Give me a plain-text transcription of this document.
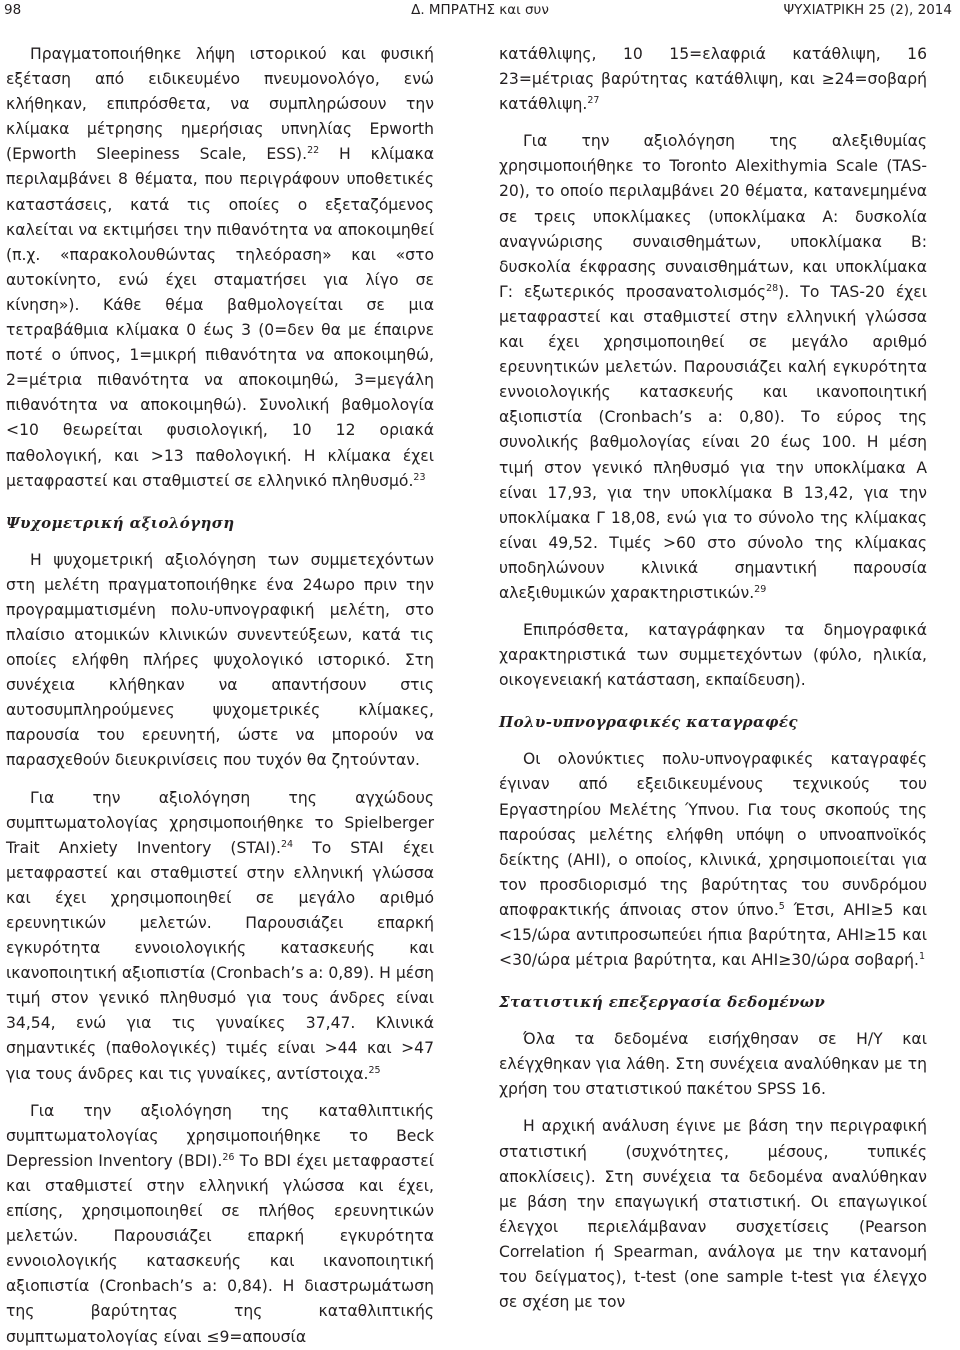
98	Δ. ΜΠΡΑΤΗΣ και συν	ΨΥΧΙΑΤΡΙΚΗ 25 (2), 2014

Πραγματοποιήθηκε λήψη ιστορικού και φυσική εξέταση από ειδικευμένο πνευμονολόγο, ενώ κλήθηκαν, επιπρόσθετα, να συμπληρώσουν την κλίμακα μέτρησης ημερήσιας υπνηλίας Epworth (Epworth Sleepiness Scale, ESS).$^{22}$ Η κλίμακα περιλαμβάνει 8 θέματα, που περιγράφουν υποθετικές καταστάσεις, κατά τις οποίες ο εξεταζόμενος καλείται να εκτιμήσει την πιθανότητα να αποκοιμηθεί (π.χ. «παρακολουθώντας τηλεόραση» και «στο αυτοκίνητο, ενώ έχει σταματήσει για λίγο σε κίνηση»). Κάθε θέμα βαθμολογείται σε μια τετραβάθμια κλίμακα 0 έως 3 (0=δεν θα με έπαιρνε ποτέ ο ύπνος, 1=μικρή πιθανότητα να αποκοιμηθώ, 2=μέτρια πιθανότητα να αποκοιμηθώ, 3=μεγάλη πιθανότητα να αποκοιμηθώ). Συνολική βαθμολογία <10 θεωρείται φυσιολογική, 10 12 οριακά παθολογική, και >13 παθολογική. Η κλίμακα έχει μεταφραστεί και σταθμιστεί σε ελληνικό πληθυσμό.$^{23}$

Ψυχομετρική αξιολόγηση

Η ψυχομετρική αξιολόγηση των συμμετεχόντων στη μελέτη πραγματοποιήθηκε ένα 24ωρο πριν την προγραμματισμένη πολυ-υπνογραφική μελέτη, στο πλαίσιο ατομικών κλινικών συνεντεύξεων, κατά τις οποίες ελήφθη πλήρες ψυχολογικό ιστορικό. Στη συνέχεια κλήθηκαν να απαντήσουν στις αυτοσυμπληρούμενες ψυχομετρικές κλίμακες, παρουσία του ερευνητή, ώστε να μπορούν να παρασχεθούν διευκρινίσεις που τυχόν θα ζητούνταν.

Για την αξιολόγηση της αγχώδους συμπτωματολογίας χρησιμοποιήθηκε το Spielberger Trait Anxiety Inventory (STAI).$^{24}$ Το STAI έχει μεταφραστεί και σταθμιστεί στην ελληνική γλώσσα και έχει χρησιμοποιηθεί σε μεγάλο αριθμό ερευνητικών μελετών. Παρουσιάζει επαρκή εγκυρότητα εννοιολογικής κατασκευής και ικανοποιητική αξιοπιστία (Cronbach’s a: 0,89). Η μέση τιμή στον γενικό πληθυσμό για τους άνδρες είναι 34,54, ενώ για τις γυναίκες 37,47. Κλινικά σημαντικές (παθολογικές) τιμές είναι >44 και >47 για τους άνδρες και τις γυναίκες, αντίστοιχα.$^{25}$

Για την αξιολόγηση της καταθλιπτικής συμπτωματολογίας χρησιμοποιήθηκε το Beck Depression Inventory (BDI).$^{26}$ Το BDI έχει μεταφραστεί και σταθμιστεί στην ελληνική γλώσσα και έχει, επίσης, χρησιμοποιηθεί σε πλήθος ερευνητικών μελετών. Παρουσιάζει επαρκή εγκυρότητα εννοιολογικής κατασκευής και ικανοποιητική αξιοπιστία (Cronbach’s a: 0,84). Η διαστρωμάτωση της βαρύτητας της καταθλιπτικής συμπτωματολογίας είναι ≤9=απουσία

κατάθλιψης, 10 15=ελαφριά κατάθλιψη, 16 23=μέτριας βαρύτητας κατάθλιψη, και ≥24=σοβαρή κατάθλιψη.$^{27}$

Για την αξιολόγηση της αλεξιθυμίας χρησιμοποιήθηκε το Toronto Alexithymia Scale (TAS-20), το οποίο περιλαμβάνει 20 θέματα, κατανεμημένα σε τρεις υποκλίμακες (υποκλίμακα Α: δυσκολία αναγνώρισης συναισθημάτων, υποκλίμακα Β: δυσκολία έκφρασης συναισθημάτων, και υποκλίμακα Γ: εξωτερικός προσανατολισμός$^{28}$). Το TAS-20 έχει μεταφραστεί και σταθμιστεί στην ελληνική γλώσσα και έχει χρησιμοποιηθεί σε μεγάλο αριθμό ερευνητικών μελετών. Παρουσιάζει καλή εγκυρότητα εννοιολογικής κατασκευής και ικανοποιητική αξιοπιστία (Cronbach’s a: 0,80). Το εύρος της συνολικής βαθμολογίας είναι 20 έως 100. Η μέση τιμή στον γενικό πληθυσμό για την υποκλίμακα Α είναι 17,93, για την υποκλίμακα Β 13,42, για την υποκλίμακα Γ 18,08, ενώ για το σύνολο της κλίμακας είναι 49,52. Τιμές >60 στο σύνολο της κλίμακας υποδηλώνουν κλινικά σημαντική παρουσία αλεξιθυμικών χαρακτηριστικών.$^{29}$

Επιπρόσθετα, καταγράφηκαν τα δημογραφικά χαρακτηριστικά των συμμετεχόντων (φύλο, ηλικία, οικογενειακή κατάσταση, εκπαίδευση).

Πολυ-υπνογραφικές καταγραφές

Οι ολονύκτιες πολυ-υπνογραφικές καταγραφές έγιναν από εξειδικευμένους τεχνικούς του Εργαστηρίου Μελέτης Ύπνου. Για τους σκοπούς της παρούσας μελέτης ελήφθη υπόψη ο υπνοαπνοϊκός δείκτης (AHI), ο οποίος, κλινικά, χρησιμοποιείται για τον προσδιορισμό της βαρύτητας του συνδρόμου αποφρακτικής άπνοιας στον ύπνο.$^5$ Έτσι, AHI≥5 και <15/ώρα αντιπροσωπεύει ήπια βαρύτητα, AHI≥15 και <30/ώρα μέτρια βαρύτητα, και AHI≥30/ώρα σοβαρή.$^1$

Στατιστική επεξεργασία δεδομένων

Όλα τα δεδομένα εισήχθησαν σε Η/Υ και ελέγχθηκαν για λάθη. Στη συνέχεια αναλύθηκαν με τη χρήση του στατιστικού πακέτου SPSS 16.

Η αρχική ανάλυση έγινε με βάση την περιγραφική στατιστική (συχνότητες, μέσους, τυπικές αποκλίσεις). Στη συνέχεια τα δεδομένα αναλύθηκαν με βάση την επαγωγική στατιστική. Οι επαγωγικοί έλεγχοι περιελάμβαναν συσχετίσεις (Pearson Correlation ή Spearman, ανάλογα με την κατανομή του δείγματος), t-test (one sample t-test για έλεγχο σε σχέση με τον
